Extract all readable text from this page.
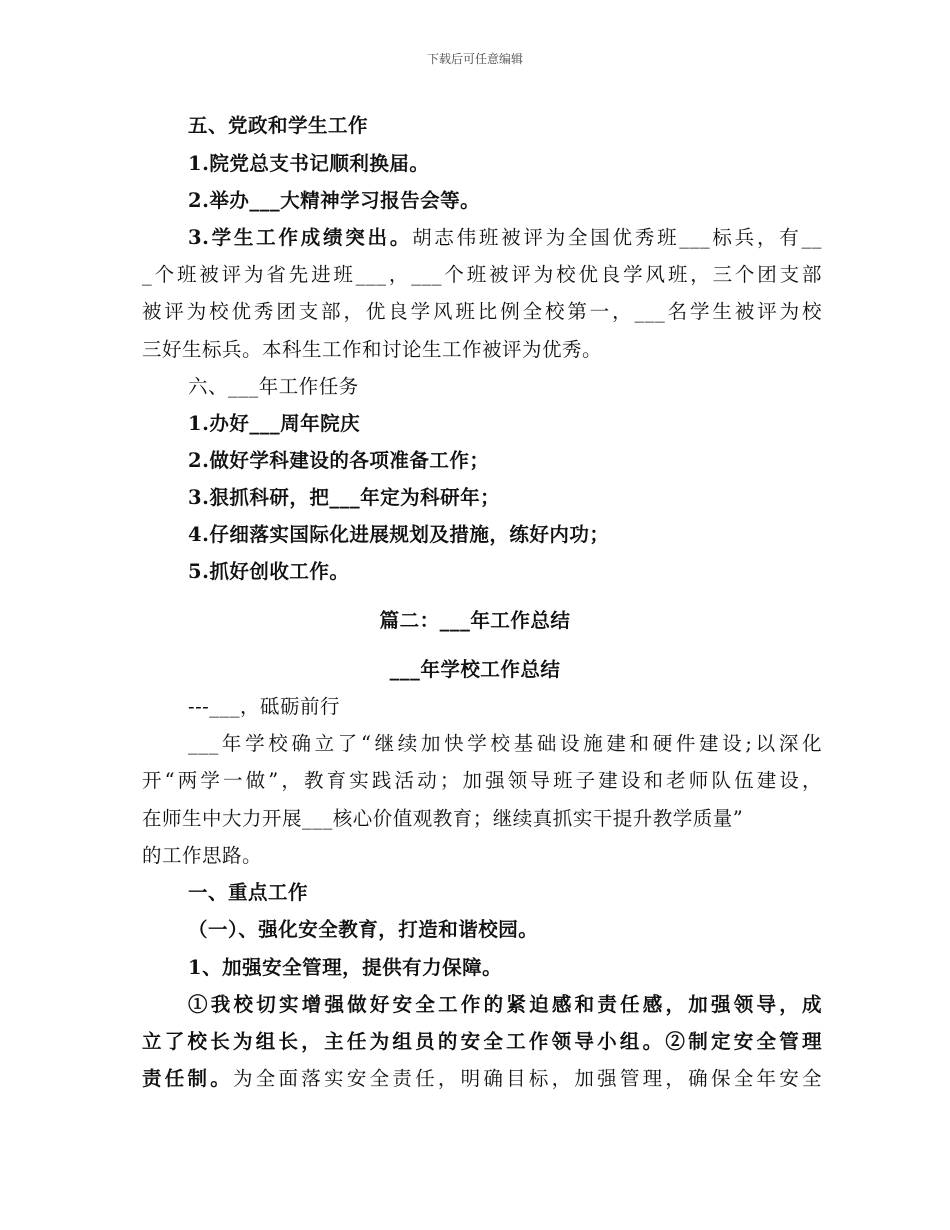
下载后可任意编辑
五、党政和学生工作
1.院党总支书记顺利换届。
2.举办___大精神学习报告会等。
3.学生工作成绩突出。胡志伟班被评为全国优秀班___标兵，有__
_个班被评为省先进班___，___个班被评为校优良学风班，三个团支部
被评为校优秀团支部，优良学风班比例全校第一，___名学生被评为校
三好生标兵。本科生工作和讨论生工作被评为优秀。
六、___年工作任务
1.办好___周年院庆
2.做好学科建设的各项准备工作；
3.狠抓科研，把___年定为科研年；
4.仔细落实国际化进展规划及措施，练好内功；
5.抓好创收工作。
篇二：___年工作总结
___年学校工作总结
---___，砥砺前行
___年学校确立了“继续加快学校基础设施建和硬件建设;以深化
开“两学一做”，教育实践活动；加强领导班子建设和老师队伍建设，
在师生中大力开展___核心价值观教育；继续真抓实干提升教学质量”
的工作思路。
一、重点工作
（一）、强化安全教育，打造和谐校园。
1、加强安全管理，提供有力保障。
①我校切实增强做好安全工作的紧迫感和责任感，加强领导，成
立了校长为组长，主任为组员的安全工作领导小组。②制定安全管理
责任制。为全面落实安全责任，明确目标，加强管理，确保全年安全
